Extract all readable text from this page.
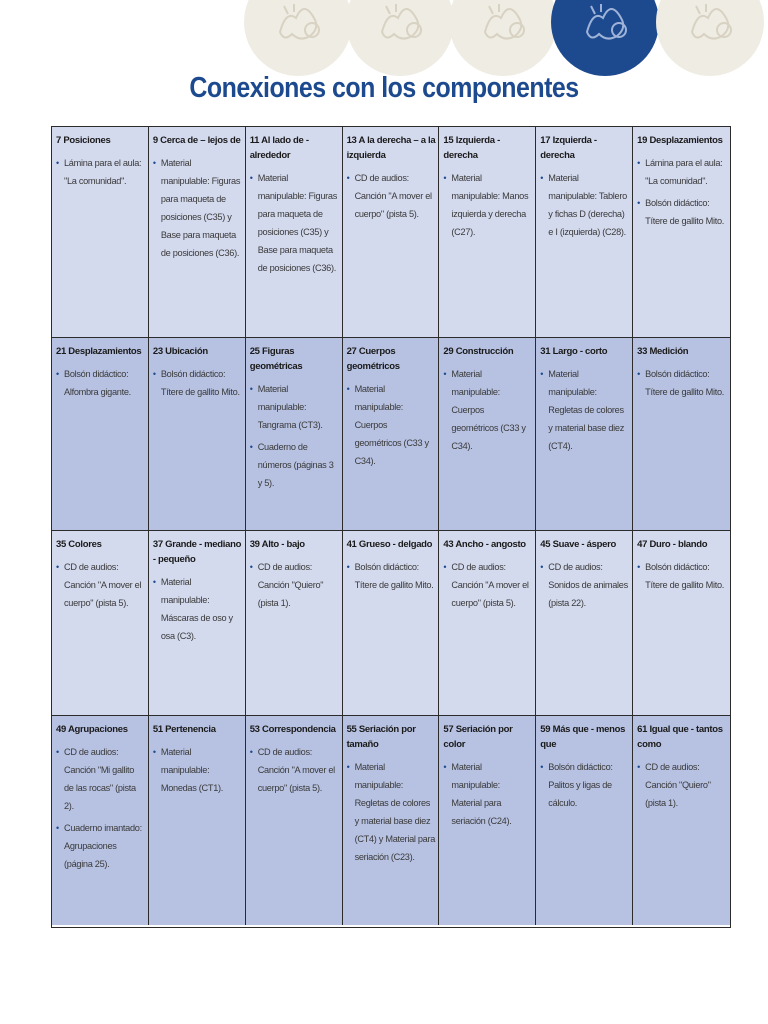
Conexiones con los componentes
7 Posiciones
• Lámina para el aula: "La comunidad".
9 Cerca de – lejos de
• Material manipulable: Figuras para maqueta de posiciones (C35) y Base para maqueta de posiciones (C36).
11 Al lado de - alrededor
• Material manipulable: Figuras para maqueta de posiciones (C35) y Base para maqueta de posiciones (C36).
13 A la derecha – a la izquierda
• CD de audios: Canción "A mover el cuerpo" (pista 5).
15 Izquierda - derecha
• Material manipulable: Manos izquierda y derecha (C27).
17 Izquierda - derecha
• Material manipulable: Tablero y fichas D (derecha) e I (izquierda) (C28).
19 Desplazamientos
• Lámina para el aula: "La comunidad".
• Bolsón didáctico: Títere de gallito Mito.
21 Desplazamientos
• Bolsón didáctico: Alfombra gigante.
23 Ubicación
• Bolsón didáctico: Títere de gallito Mito.
25 Figuras geométricas
• Material manipulable: Tangrama (CT3).
• Cuaderno de números (páginas 3 y 5).
27 Cuerpos geométricos
• Material manipulable: Cuerpos geométricos (C33 y C34).
29 Construcción
• Material manipulable: Cuerpos geométricos (C33 y C34).
31 Largo - corto
• Material manipulable: Regletas de colores y material base diez (CT4).
33 Medición
• Bolsón didáctico: Títere de gallito Mito.
35 Colores
• CD de audios: Canción "A mover el cuerpo" (pista 5).
37 Grande - mediano - pequeño
• Material manipulable: Máscaras de oso y osa (C3).
39 Alto - bajo
• CD de audios: Canción "Quiero" (pista 1).
41 Grueso - delgado
• Bolsón didáctico: Títere de gallito Mito.
43 Ancho - angosto
• CD de audios: Canción "A mover el cuerpo" (pista 5).
45 Suave - áspero
• CD de audios: Sonidos de animales (pista 22).
47 Duro - blando
• Bolsón didáctico: Títere de gallito Mito.
49 Agrupaciones
• CD de audios: Canción "Mi gallito de las rocas" (pista 2).
• Cuaderno imantado: Agrupaciones (página 25).
51 Pertenencia
• Material manipulable: Monedas (CT1).
53 Correspondencia
• CD de audios: Canción "A mover el cuerpo" (pista 5).
55 Seriación por tamaño
• Material manipulable: Regletas de colores y material base diez (CT4) y Material para seriación (C23).
57 Seriación por color
• Material manipulable: Material para seriación (C24).
59 Más que - menos que
• Bolsón didáctico: Palitos y ligas de cálculo.
61 Igual que - tantos como
• CD de audios: Canción "Quiero" (pista 1).
